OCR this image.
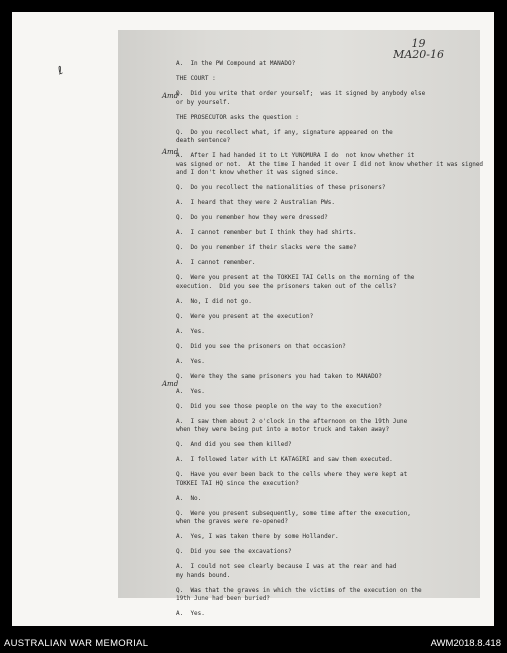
ℓ
19
MA20-16
Amd
Amd
Amd
A.  In the PW Compound at MANADO?
THE COURT :
Q.  Did you write that order yourself;  was it signed by anybody else
or by yourself.
THE PROSECUTOR asks the question :
Q.  Do you recollect what, if any, signature appeared on the
death sentence?
A.  After I had handed it to Lt YUNOMURA I do  not know whether it
was signed or not.  At the time I handed it over I did not know whether it was signed
and I don't know whether it was signed since.
Q.  Do you recollect the nationalities of these prisoners?
A.  I heard that they were 2 Australian PWs.
Q.  Do you remember how they were dressed?
A.  I cannot remember but I think they had shirts.
Q.  Do you remember if their slacks were the same?
A.  I cannot remember.
Q.  Were you present at the TOKKEI TAI Cells on the morning of the
execution.  Did you see the prisoners taken out of the cells?
A.  No, I did not go.
Q.  Were you present at the execution?
A.  Yes.
Q.  Did you see the prisoners on that occasion?
A.  Yes.
Q.  Were they the same prisoners you had taken to MANADO?
A.  Yes.
Q.  Did you see those people on the way to the execution?
A.  I saw them about 2 o'clock in the afternoon on the 19th June
when they were being put into a motor truck and taken away?
Q.  And did you see them killed?
A.  I followed later with Lt KATAGIRI and saw them executed.
Q.  Have you ever been back to the cells where they were kept at
TOKKEI TAI HQ since the execution?
A.  No.
Q.  Were you present subsequently, some time after the execution,
when the graves were re-opened?
A.  Yes, I was taken there by some Hollander.
Q.  Did you see the excavations?
A.  I could not see clearly because I was at the rear and had
my hands bound.
Q.  Was that the graves in which the victims of the execution on the
19th June had been buried?
A.  Yes.
AUSTRALIAN WAR MEMORIAL	AWM2018.8.418
